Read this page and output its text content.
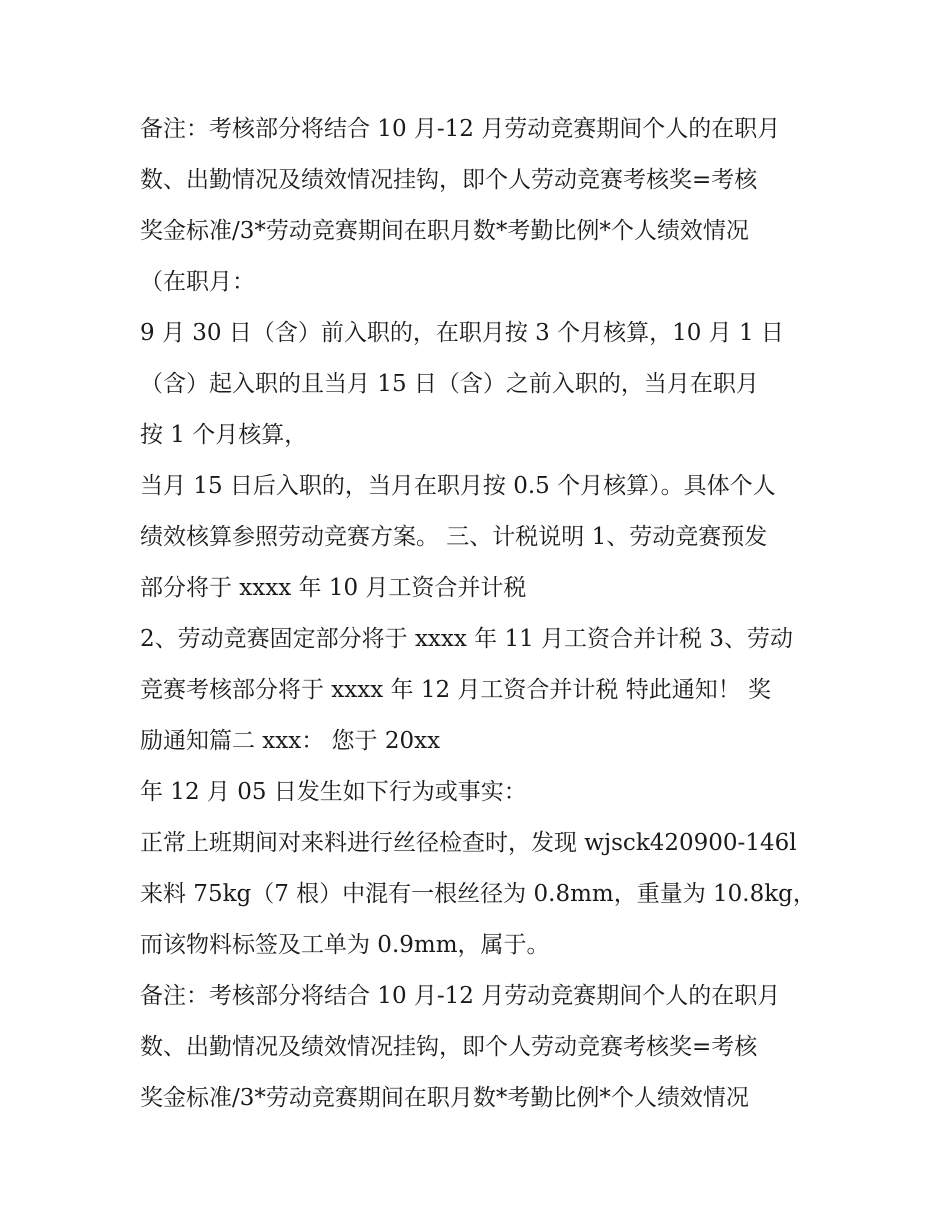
备注：考核部分将结合 10 月-12 月劳动竞赛期间个人的在职月
数、出勤情况及绩效情况挂钩，即个人劳动竞赛考核奖=考核
奖金标准/3*劳动竞赛期间在职月数*考勤比例*个人绩效情况
（在职月：
9 月 30 日（含）前入职的，在职月按 3 个月核算，10 月 1 日
（含）起入职的且当月 15 日（含）之前入职的，当月在职月
按 1 个月核算，
当月 15 日后入职的，当月在职月按 0.5 个月核算）。具体个人
绩效核算参照劳动竞赛方案。 三、计税说明 1、劳动竞赛预发
部分将于 xxxx 年 10 月工资合并计税
2、劳动竞赛固定部分将于 xxxx 年 11 月工资合并计税 3、劳动
竞赛考核部分将于 xxxx 年 12 月工资合并计税 特此通知！ 奖
励通知篇二 xxx： 您于 20xx
年 12 月 05 日发生如下行为或事实：
正常上班期间对来料进行丝径检查时，发现 wjsck420900-146l
来料 75kg（7 根）中混有一根丝径为 0.8mm，重量为 10.8kg，
而该物料标签及工单为 0.9mm，属于。
备注：考核部分将结合 10 月-12 月劳动竞赛期间个人的在职月
数、出勤情况及绩效情况挂钩，即个人劳动竞赛考核奖=考核
奖金标准/3*劳动竞赛期间在职月数*考勤比例*个人绩效情况
